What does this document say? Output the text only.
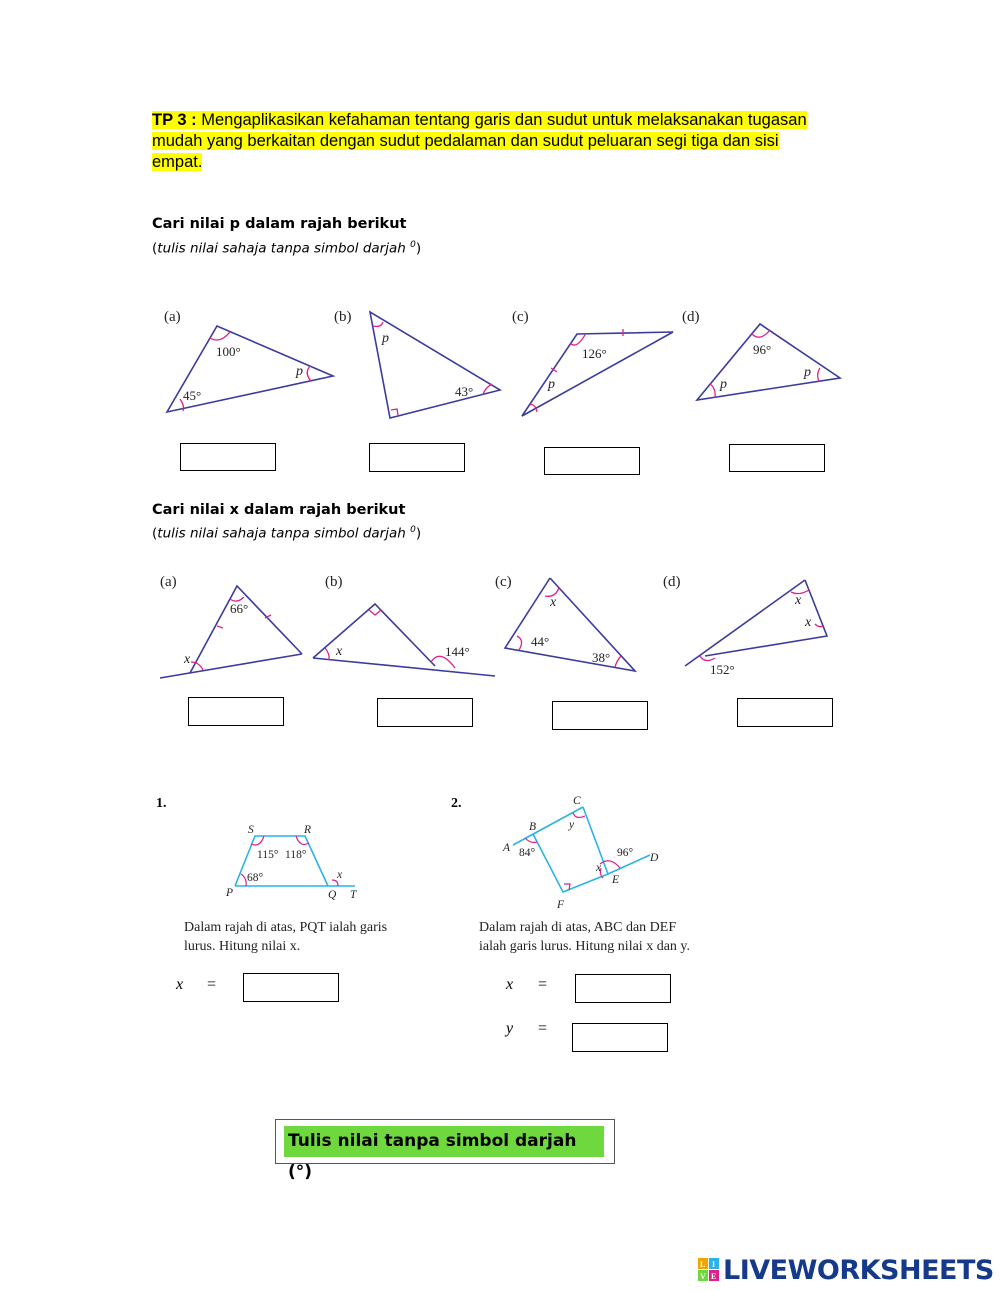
TP 3 : Mengaplikasikan kefahaman tentang garis dan sudut untuk melaksanakan tugasan mudah yang berkaitan dengan sudut pedalaman dan sudut peluaran segi tiga dan sisi empat.
Cari nilai p dalam rajah berikut
(tulis nilai sahaja tanpa simbol darjah $^0$)
(a)
100°
45°
p
(b)
p
43°
(c)
126°
p
(d)
96°
p
p
Cari nilai x dalam rajah berikut
(tulis nilai sahaja tanpa simbol darjah $^0$)
(a)
66°
x
(b)
x	144°
(c)
x
44°
38°
(d)
x
x
152°
1.
S	R
P	Q T
115° 118°
68°	x
Dalam rajah di atas, PQT ialah garis
lurus. Hitung nilai x.
x =
2.	C
B
A
D
E
F
y
84°	96°
x
Dalam rajah di atas, ABC dan DEF
ialah garis lurus. Hitung nilai x dan y.
x =
y =
Tulis nilai tanpa simbol darjah (°)
L I
V E LIVEWORKSHEETS
